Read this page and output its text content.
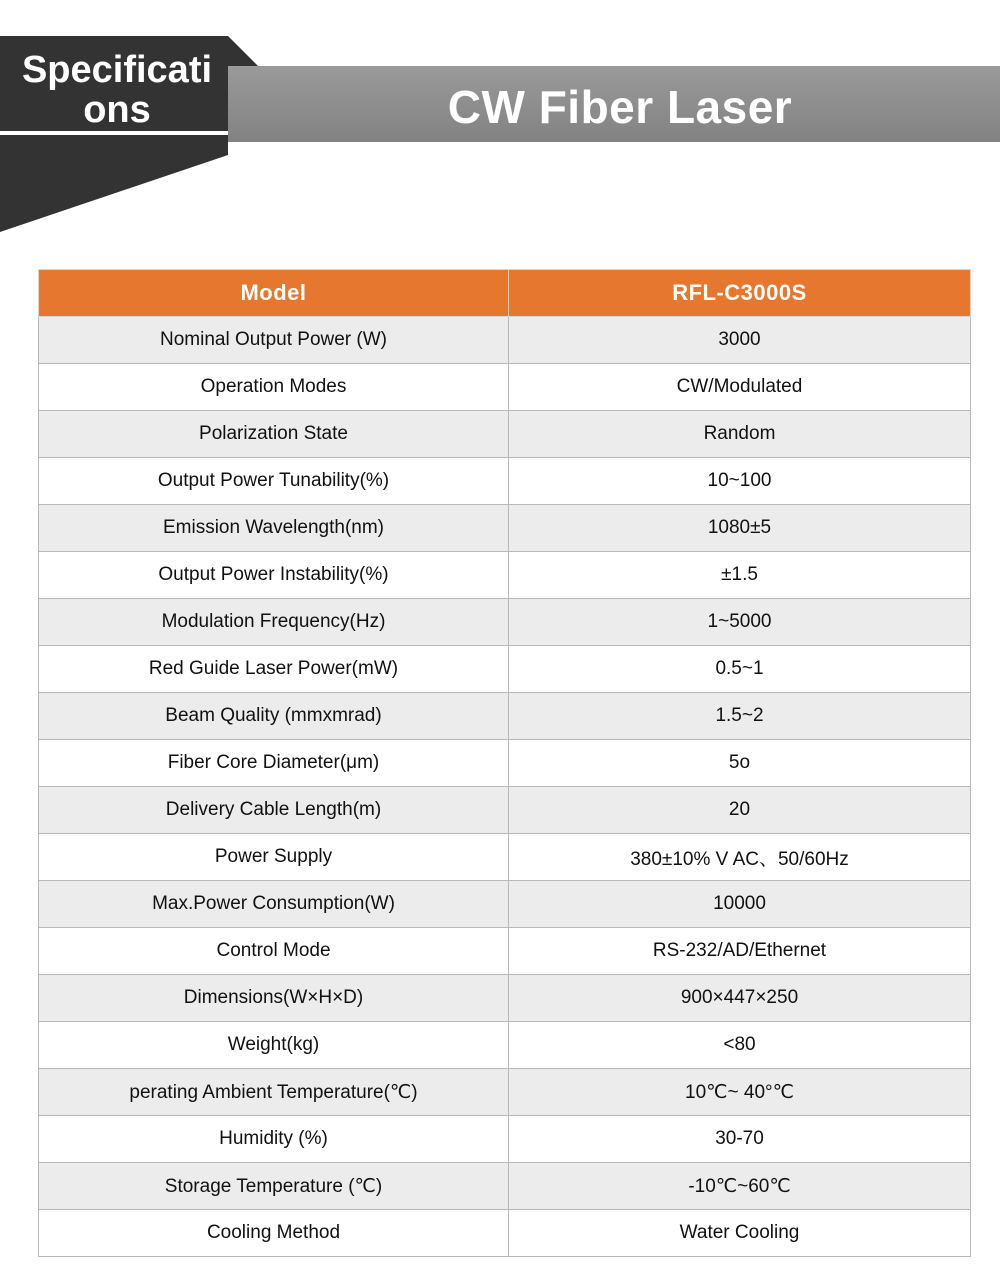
Specifications	CW Fiber Laser
Model	RFL-C3000S
Nominal Output Power (W)	3000
Operation Modes	CW/Modulated
Polarization State	Random
Output Power Tunability(%)	10~100
Emission Wavelength(nm)	1080±5
Output Power Instability(%)	±1.5
Modulation Frequency(Hz)	1~5000
Red Guide Laser Power(mW)	0.5~1
Beam Quality (mmxmrad)	1.5~2
Fiber Core Diameter(μm)	5o
Delivery Cable Length(m)	20
Power Supply	380±10% V AC、50/60Hz
Max.Power Consumption(W)	10000
Control Mode	RS-232/AD/Ethernet
Dimensions(W×H×D)	900×447×250
Weight(kg)	<80
perating Ambient Temperature(℃)	10℃~ 40°℃
Humidity (%)	30-70
Storage Temperature (℃)	-10℃~60℃
Cooling Method	Water Cooling
